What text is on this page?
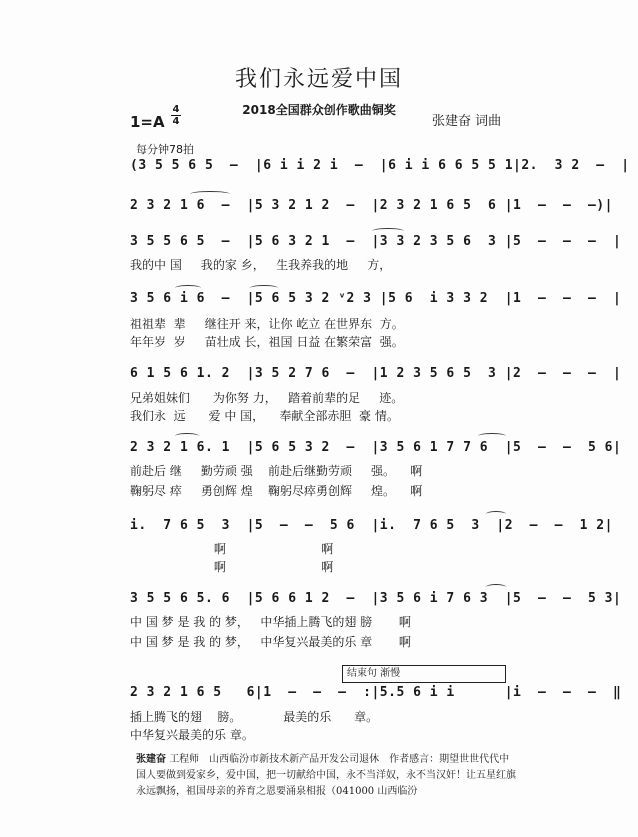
我们永远爱中国
2018全国群众创作歌曲铜奖
张建奋 词曲
1=A
4
4
每分钟78拍
(3 5 5 6 5  –  |6 i i 2 i  –  |6 i i 6 6 5 5 1|2.  3 2  –  |
2 3 2 1 6  –  |5 3 2 1 2  –  |2 3 2 1 6 5  6 |1  –  –  –)|
3 5 5 6 5  –  |5 6 3 2 1  –  |3 3 2 3 5 6  3 |5  –  –  –  |
我的中 国     我的家 乡，   生我养我的地     方，
3 5 6 i 6  –  |5 6 5 3 2 ᵛ2 3 |5 6  i 3 3 2  |1  –  –  –  |
祖祖辈  辈     继往开 来，让你 屹立 在世界东  方。
年年岁  岁     苗壮成 长，祖国 日益 在繁荣富  强。
6 1 5 6 1. 2  |3 5 2 7 6  –  |1 2 3 5 6 5  3 |2  –  –  –  |
兄弟姐妹们      为你努 力，   踏着前辈的足     迹。
我们永  远      爱 中 国，    奉献全部赤胆  豪 情。
2 3 2 1 6. 1  |5 6 5 3 2  –  |3 5 6 1 7 7 6  |5  –  –  5 6|
前赴后 继     勤劳顽 强    前赴后继勤劳顽     强。    啊
鞠躬尽 瘁     勇创辉 煌    鞠躬尽瘁勇创辉     煌。    啊
i.  7 6 5  3  |5  –  –  5 6  |i.  7 6 5  3  |2  –  –  1 2|
啊                         啊
啊                         啊
3 5 5 6 5. 6  |5 6 6 1 2  –  |3 5 6 i 7 6 3  |5  –  –  5 3|
中 国 梦 是 我 的 梦，   中华插上腾飞的翅 膀       啊
中 国 梦 是 我 的 梦，   中华复兴最美的乐 章       啊
结束句 渐慢
2 3 2 1 6 5   6|1  –  –  –  :|5.5 6 i i      |i  –  –  –  ‖
插上腾飞的翅    膀。           最美的乐      章。
中华复兴最美的乐 章。
张建奋 工程师　山西临汾市新技术新产品开发公司退休　作者感言：期望世世代代中国人要做到爱家乡，爱中国，把一切献给中国，永不当洋奴，永不当汉奸！让五星红旗永远飘扬，祖国母亲的养育之恩要涌泉相报（041000 山西临汾
